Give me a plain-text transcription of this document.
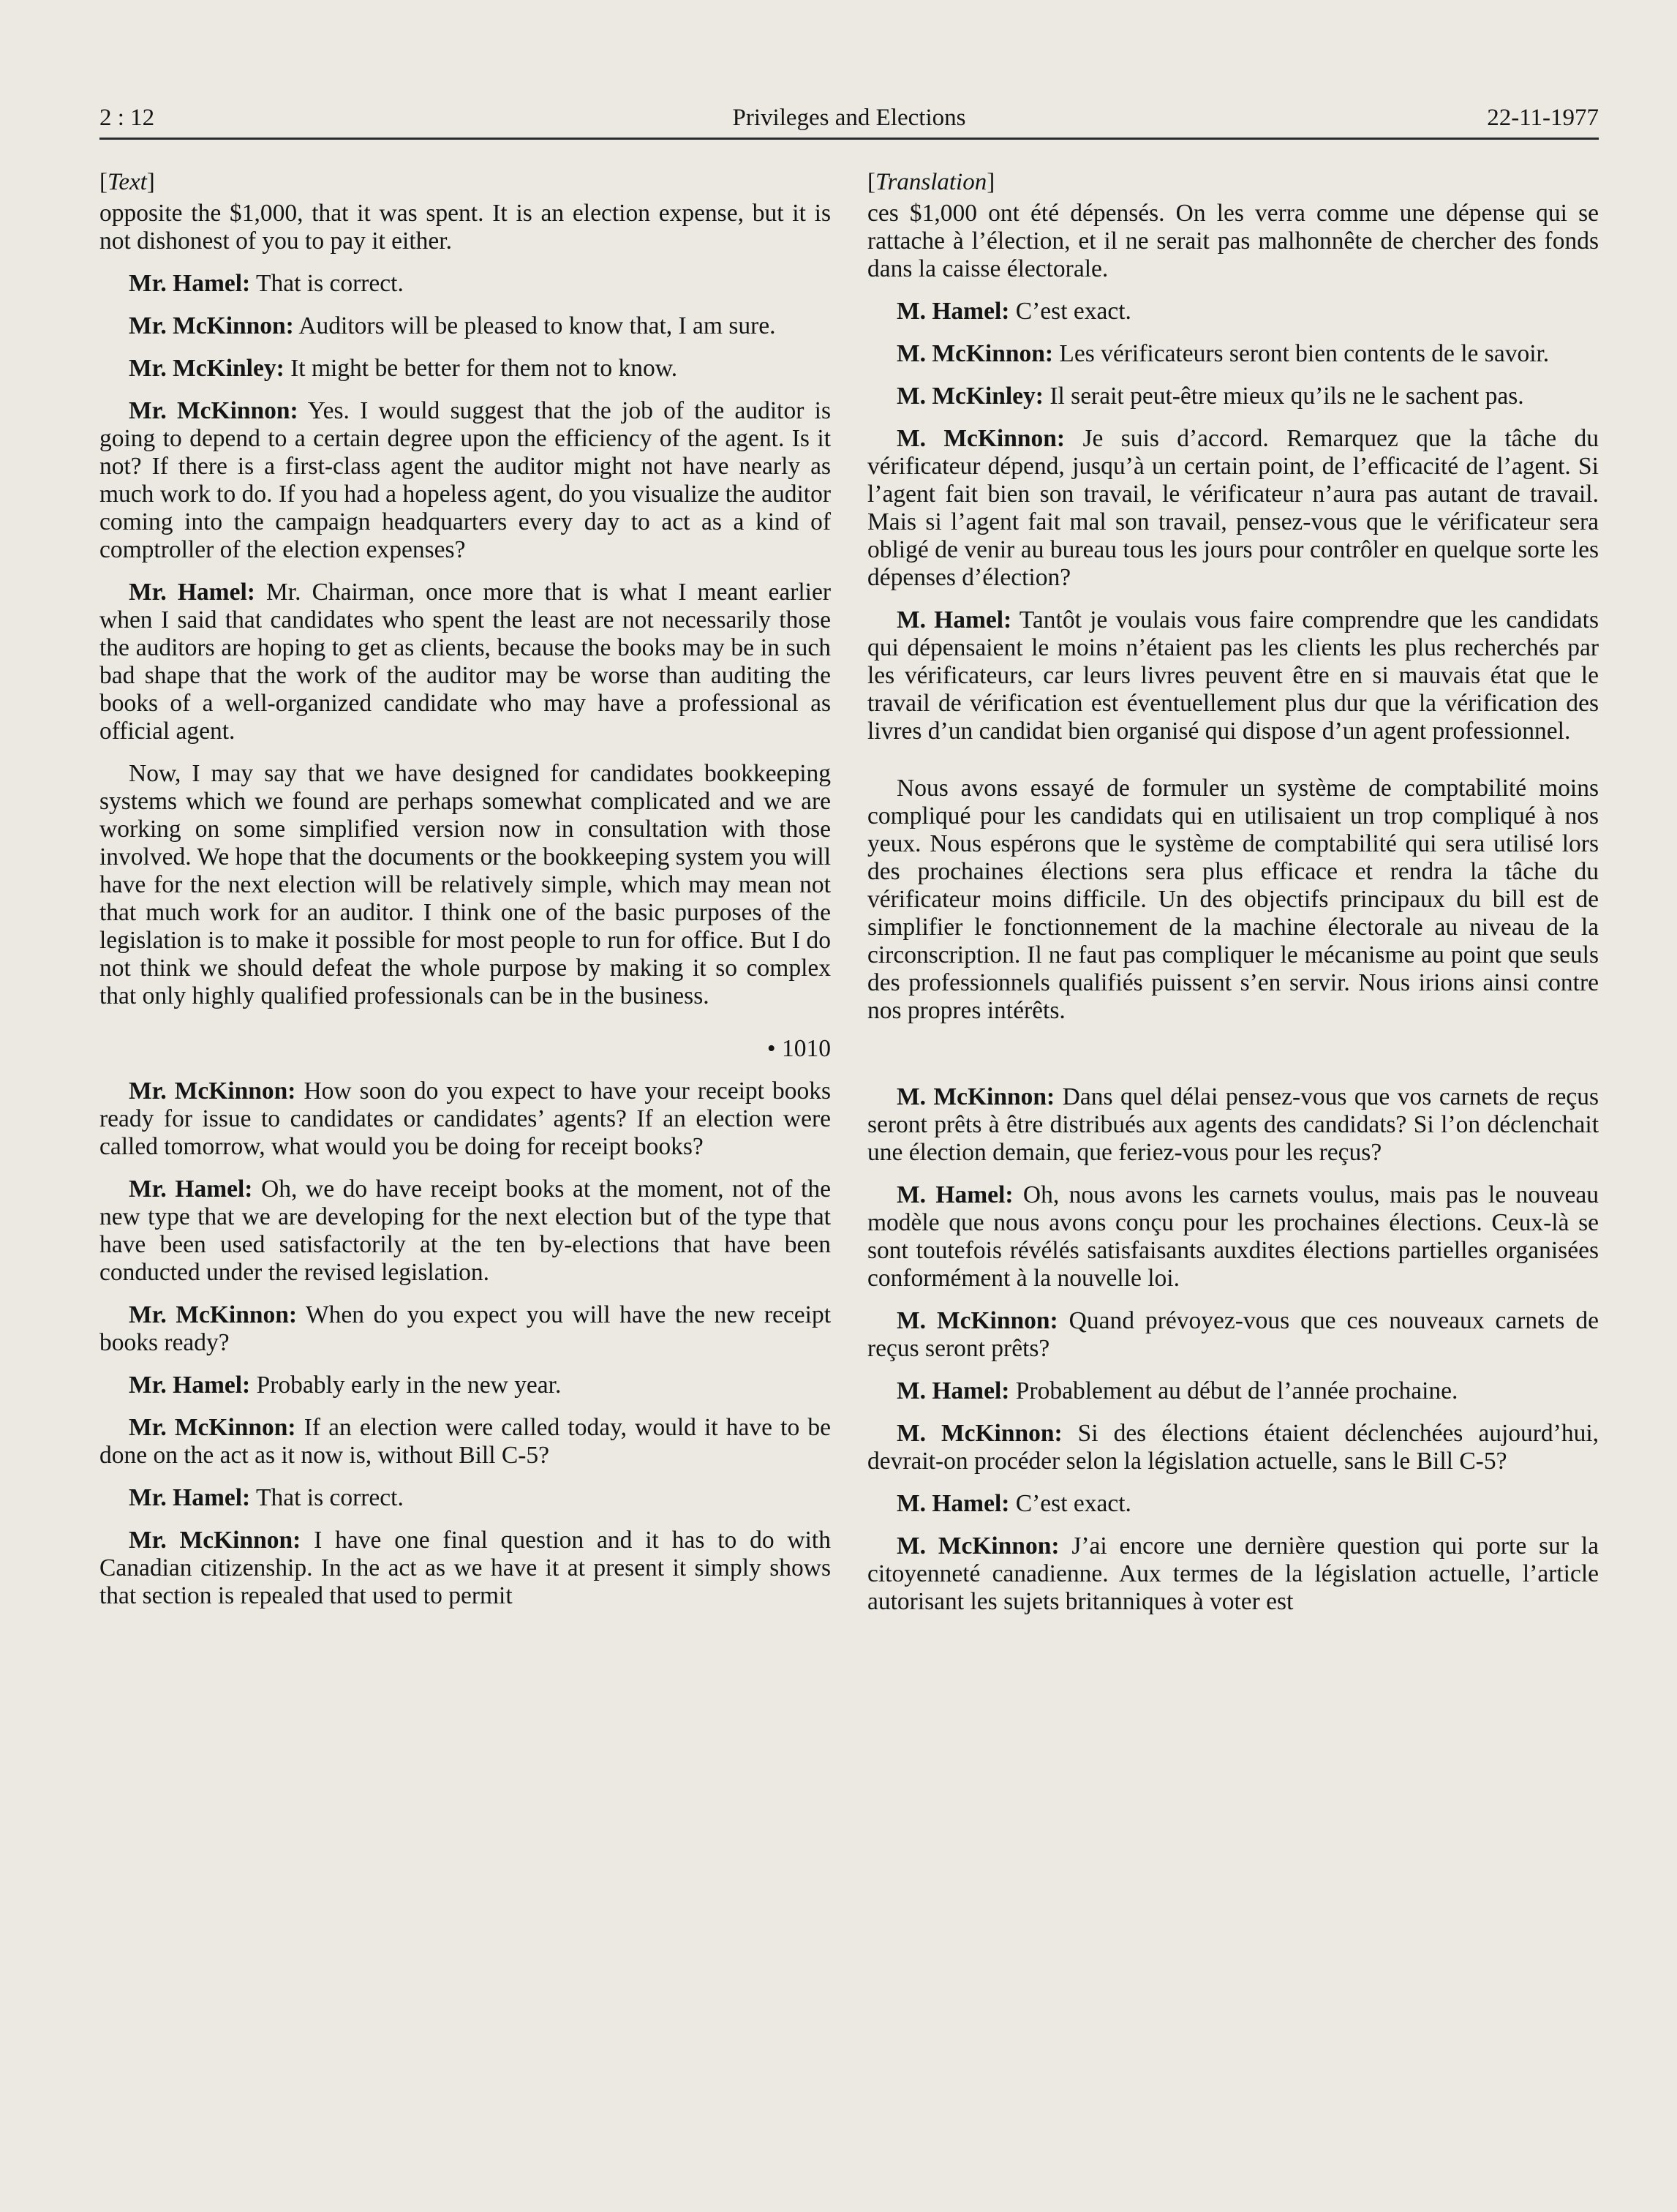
2 : 12	Privileges and Elections	22-11-1977
[Text]

opposite the $1,000, that it was spent. It is an election expense, but it is not dishonest of you to pay it either.

Mr. Hamel: That is correct.

Mr. McKinnon: Auditors will be pleased to know that, I am sure.

Mr. McKinley: It might be better for them not to know.

Mr. McKinnon: Yes. I would suggest that the job of the auditor is going to depend to a certain degree upon the efficiency of the agent. Is it not? If there is a first-class agent the auditor might not have nearly as much work to do. If you had a hopeless agent, do you visualize the auditor coming into the campaign headquarters every day to act as a kind of comptroller of the election expenses?

Mr. Hamel: Mr. Chairman, once more that is what I meant earlier when I said that candidates who spent the least are not necessarily those the auditors are hoping to get as clients, because the books may be in such bad shape that the work of the auditor may be worse than auditing the books of a well-organized candidate who may have a professional as official agent.

Now, I may say that we have designed for candidates bookkeeping systems which we found are perhaps somewhat complicated and we are working on some simplified version now in consultation with those involved. We hope that the documents or the bookkeeping system you will have for the next election will be relatively simple, which may mean not that much work for an auditor. I think one of the basic purposes of the legislation is to make it possible for most people to run for office. But I do not think we should defeat the whole purpose by making it so complex that only highly qualified professionals can be in the business.

• 1010

Mr. McKinnon: How soon do you expect to have your receipt books ready for issue to candidates or candidates’ agents? If an election were called tomorrow, what would you be doing for receipt books?

Mr. Hamel: Oh, we do have receipt books at the moment, not of the new type that we are developing for the next election but of the type that have been used satisfactorily at the ten by-elections that have been conducted under the revised legislation.

Mr. McKinnon: When do you expect you will have the new receipt books ready?

Mr. Hamel: Probably early in the new year.

Mr. McKinnon: If an election were called today, would it have to be done on the act as it now is, without Bill C-5?

Mr. Hamel: That is correct.

Mr. McKinnon: I have one final question and it has to do with Canadian citizenship. In the act as we have it at present it simply shows that section is repealed that used to permit

[Translation]

ces $1,000 ont été dépensés. On les verra comme une dépense qui se rattache à l’élection, et il ne serait pas malhonnête de chercher des fonds dans la caisse électorale.

M. Hamel: C’est exact.

M. McKinnon: Les vérificateurs seront bien contents de le savoir.

M. McKinley: Il serait peut-être mieux qu’ils ne le sachent pas.

M. McKinnon: Je suis d’accord. Remarquez que la tâche du vérificateur dépend, jusqu’à un certain point, de l’efficacité de l’agent. Si l’agent fait bien son travail, le vérificateur n’aura pas autant de travail. Mais si l’agent fait mal son travail, pensez-vous que le vérificateur sera obligé de venir au bureau tous les jours pour contrôler en quelque sorte les dépenses d’élection?

M. Hamel: Tantôt je voulais vous faire comprendre que les candidats qui dépensaient le moins n’étaient pas les clients les plus recherchés par les vérificateurs, car leurs livres peuvent être en si mauvais état que le travail de vérification est éventuellement plus dur que la vérification des livres d’un candidat bien organisé qui dispose d’un agent professionnel.

Nous avons essayé de formuler un système de comptabilité moins compliqué pour les candidats qui en utilisaient un trop compliqué à nos yeux. Nous espérons que le système de comptabilité qui sera utilisé lors des prochaines élections sera plus efficace et rendra la tâche du vérificateur moins difficile. Un des objectifs principaux du bill est de simplifier le fonctionnement de la machine électorale au niveau de la circonscription. Il ne faut pas compliquer le mécanisme au point que seuls des professionnels qualifiés puissent s’en servir. Nous irions ainsi contre nos propres intérêts.

M. McKinnon: Dans quel délai pensez-vous que vos carnets de reçus seront prêts à être distribués aux agents des candidats? Si l’on déclenchait une élection demain, que feriez-vous pour les reçus?

M. Hamel: Oh, nous avons les carnets voulus, mais pas le nouveau modèle que nous avons conçu pour les prochaines élections. Ceux-là se sont toutefois révélés satisfaisants auxdites élections partielles organisées conformément à la nouvelle loi.

M. McKinnon: Quand prévoyez-vous que ces nouveaux carnets de reçus seront prêts?

M. Hamel: Probablement au début de l’année prochaine.

M. McKinnon: Si des élections étaient déclenchées aujourd’hui, devrait-on procéder selon la législation actuelle, sans le Bill C-5?

M. Hamel: C’est exact.

M. McKinnon: J’ai encore une dernière question qui porte sur la citoyenneté canadienne. Aux termes de la législation actuelle, l’article autorisant les sujets britanniques à voter est
